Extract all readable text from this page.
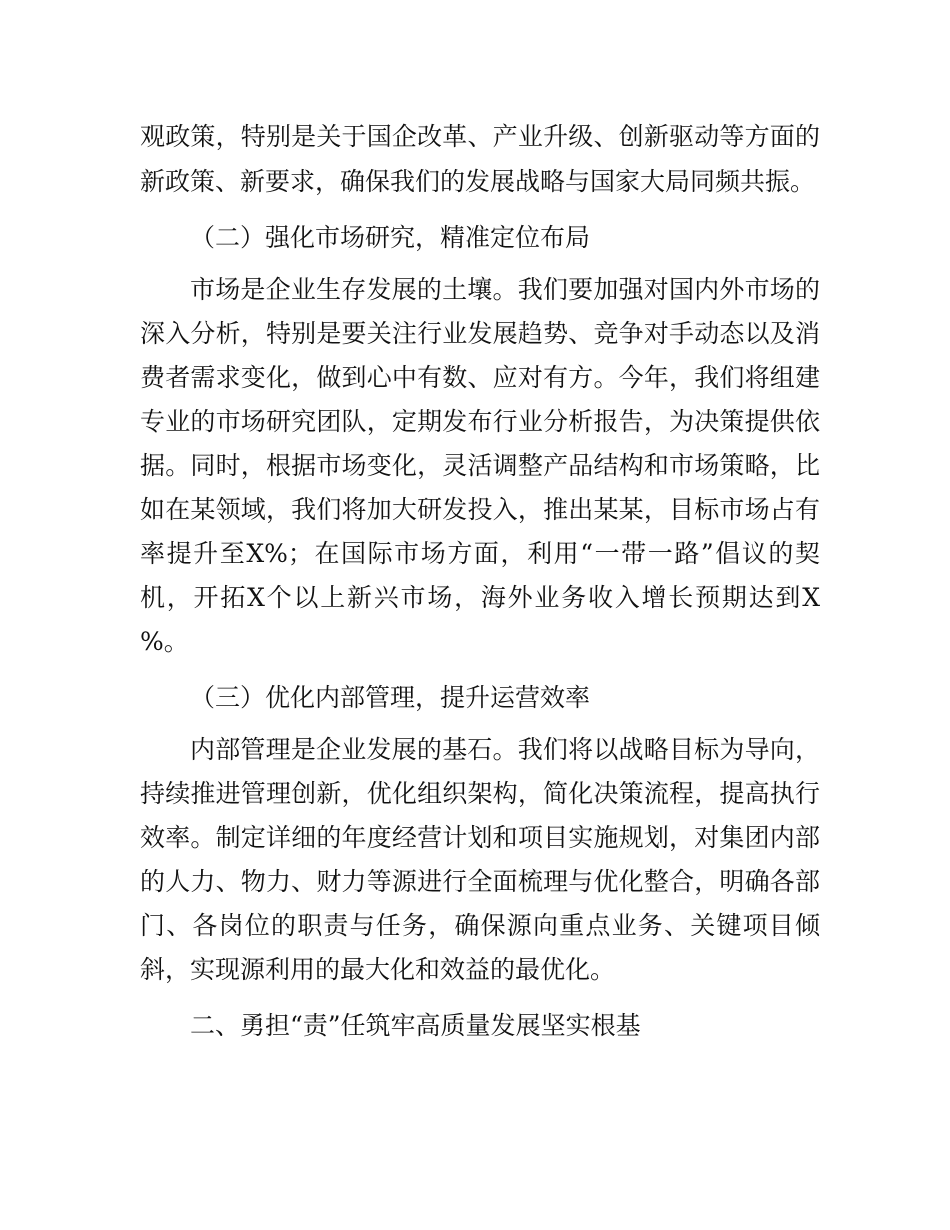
观政策，特别是关于国企改革、产业升级、创新驱动等方面的
新政策、新要求，确保我们的发展战略与国家大局同频共振。
（二）强化市场研究，精准定位布局
市场是企业生存发展的土壤。我们要加强对国内外市场的
深入分析，特别是要关注行业发展趋势、竞争对手动态以及消
费者需求变化，做到心中有数、应对有方。今年，我们将组建
专业的市场研究团队，定期发布行业分析报告，为决策提供依
据。同时，根据市场变化，灵活调整产品结构和市场策略，比
如在某领域，我们将加大研发投入，推出某某，目标市场占有
率提升至X%；在国际市场方面，利用“一带一路”倡议的契
机，开拓X个以上新兴市场，海外业务收入增长预期达到X
%。
（三）优化内部管理，提升运营效率
内部管理是企业发展的基石。我们将以战略目标为导向，
持续推进管理创新，优化组织架构，简化决策流程，提高执行
效率。制定详细的年度经营计划和项目实施规划，对集团内部
的人力、物力、财力等源进行全面梳理与优化整合，明确各部
门、各岗位的职责与任务，确保源向重点业务、关键项目倾
斜，实现源利用的最大化和效益的最优化。
二、勇担“责”任筑牢高质量发展坚实根基
